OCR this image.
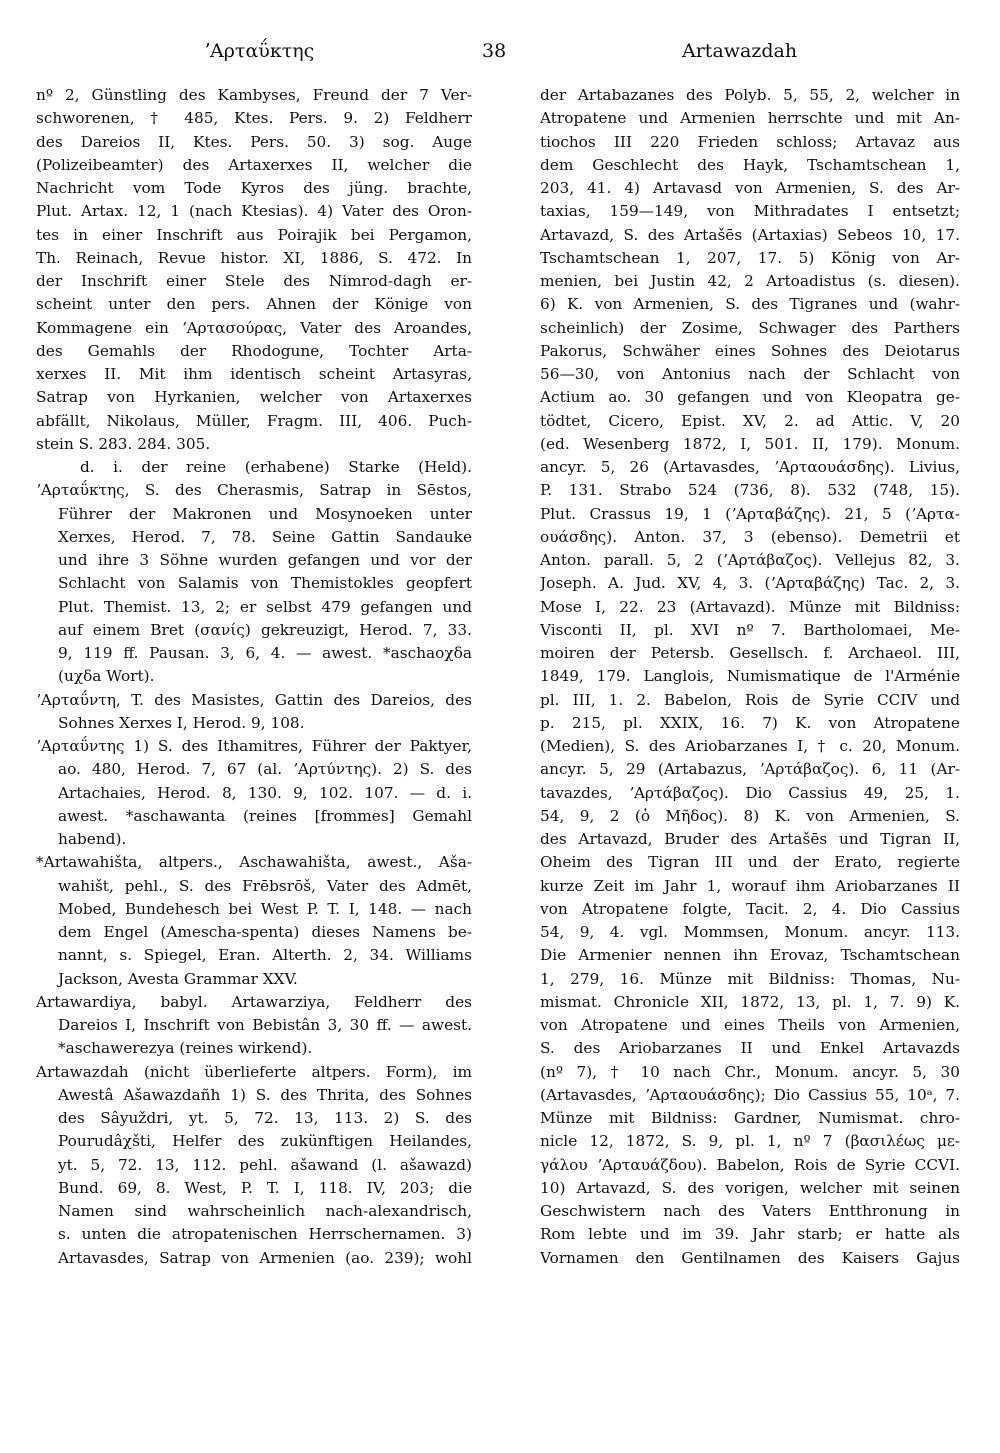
ʼΑρταΰκτης	38	Artawazdah

nº 2, Günstling des Kambyses, Freund der 7 Ver-

schworenen, † 485, Ktes. Pers. 9. 2) Feldherr

des Dareios II, Ktes. Pers. 50. 3) sog. Auge

(Polizeibeamter) des Artaxerxes II, welcher die

Nachricht vom Tode Kyros des jüng. brachte,

Plut. Artax. 12, 1 (nach Ktesias). 4) Vater des Oron-

tes in einer Inschrift aus Poirajik bei Pergamon,

Th. Reinach, Revue histor. XI, 1886, S. 472. In

der Inschrift einer Stele des Nimrod-dagh er-

scheint unter den pers. Ahnen der Könige von

Kommagene ein ʼΑρτασούρας, Vater des Aroandes,

des Gemahls der Rhodogune, Tochter Arta-

xerxes II. Mit ihm identisch scheint Artasyras,

Satrap von Hyrkanien, welcher von Artaxerxes

abfällt, Nikolaus, Müller, Fragm. III, 406. Puch-

stein S. 283. 284. 305.

d. i. der reine (erhabene) Starke (Held).

ʼΑρταΰκτης, S. des Cherasmis, Satrap in Sēstos,

Führer der Makronen und Mosynoeken unter

Xerxes, Herod. 7, 78. Seine Gattin Sandauke

und ihre 3 Söhne wurden gefangen und vor der

Schlacht von Salamis von Themistokles geopfert

Plut. Themist. 13, 2; er selbst 479 gefangen und

auf einem Bret (σανίς) gekreuzigt, Herod. 7, 33.

9, 119 ff. Pausan. 3, 6, 4. — awest. *aschaoχδa

(uχδa Wort).

ʼΑρταΰντη, T. des Masistes, Gattin des Dareios, des

Sohnes Xerxes I, Herod. 9, 108.

ʼΑρταΰντης 1) S. des Ithamitres, Führer der Paktyer,

ao. 480, Herod. 7, 67 (al. ʼΑρτύντης). 2) S. des

Artachaies, Herod. 8, 130. 9, 102. 107. — d. i.

awest. *aschawanta (reines [frommes] Gemahl

habend).

*Artawahišta, altpers., Aschawahišta, awest., Aša-

wahišt, pehl., S. des Frēbsrōš, Vater des Admēt,

Mobed, Bundehesch bei West P. T. I, 148. — nach

dem Engel (Amescha-spenta) dieses Namens be-

nannt, s. Spiegel, Eran. Alterth. 2, 34. Williams

Jackson, Avesta Grammar XXV.

Artawardiya, babyl. Artawarziya, Feldherr des

Dareios I, Inschrift von Bebistân 3, 30 ff. — awest.

*aschawerezya (reines wirkend).

Artawazdah (nicht überlieferte altpers. Form), im

Awestâ Ašawazdañh 1) S. des Thrita, des Sohnes

des Sâyuždri, yt. 5, 72. 13, 113. 2) S. des

Pourudâχšti, Helfer des zukünftigen Heilandes,

yt. 5, 72. 13, 112. pehl. ašawand (l. ašawazd)

Bund. 69, 8. West, P. T. I, 118. IV, 203; die

Namen sind wahrscheinlich nach-alexandrisch,

s. unten die atropatenischen Herrschernamen. 3)

Artavasdes, Satrap von Armenien (ao. 239); wohl

der Artabazanes des Polyb. 5, 55, 2, welcher in

Atropatene und Armenien herrschte und mit An-

tiochos III 220 Frieden schloss; Artavaz aus

dem Geschlecht des Hayk, Tschamtschean 1,

203, 41. 4) Artavasd von Armenien, S. des Ar-

taxias, 159—149, von Mithradates I entsetzt;

Artavazd, S. des Artašēs (Artaxias) Sebeos 10, 17.

Tschamtschean 1, 207, 17. 5) König von Ar-

menien, bei Justin 42, 2 Artoadistus (s. diesen).

6) K. von Armenien, S. des Tigranes und (wahr-

scheinlich) der Zosime, Schwager des Parthers

Pakorus, Schwäher eines Sohnes des Deiotarus

56—30, von Antonius nach der Schlacht von

Actium ao. 30 gefangen und von Kleopatra ge-

tödtet, Cicero, Epist. XV, 2. ad Attic. V, 20

(ed. Wesenberg 1872, I, 501. II, 179). Monum.

ancyr. 5, 26 (Artavasdes, ʼΑρταουάσδης). Livius,

P. 131. Strabo 524 (736, 8). 532 (748, 15).

Plut. Crassus 19, 1 (ʼΑρταβάζης). 21, 5 (ʼΑρτα-

ουάσδης). Anton. 37, 3 (ebenso). Demetrii et

Anton. parall. 5, 2 (ʼΑρτάβαζος). Vellejus 82, 3.

Joseph. A. Jud. XV, 4, 3. (ʼΑρταβάζης) Tac. 2, 3.

Mose I, 22. 23 (Artavazd). Münze mit Bildniss:

Visconti II, pl. XVI nº 7. Bartholomaei, Me-

moiren der Petersb. Gesellsch. f. Archaeol. III,

1849, 179. Langlois, Numismatique de l'Arménie

pl. III, 1. 2. Babelon, Rois de Syrie CCIV und

p. 215, pl. XXIX, 16. 7) K. von Atropatene

(Medien), S. des Ariobarzanes I, † c. 20, Monum.

ancyr. 5, 29 (Artabazus, ʼΑρτάβαζος). 6, 11 (Ar-

tavazdes, ʼΑρτάβαζος). Dio Cassius 49, 25, 1.

54, 9, 2 (ὁ Μῆδος). 8) K. von Armenien, S.

des Artavazd, Bruder des Artašēs und Tigran II,

Oheim des Tigran III und der Erato, regierte

kurze Zeit im Jahr 1, worauf ihm Ariobarzanes II

von Atropatene folgte, Tacit. 2, 4. Dio Cassius

54, 9, 4. vgl. Mommsen, Monum. ancyr. 113.

Die Armenier nennen ihn Erovaz, Tschamtschean

1, 279, 16. Münze mit Bildniss: Thomas, Nu-

mismat. Chronicle XII, 1872, 13, pl. 1, 7. 9) K.

von Atropatene und eines Theils von Armenien,

S. des Ariobarzanes II und Enkel Artavazds

(nº 7), † 10 nach Chr., Monum. ancyr. 5, 30

(Artavasdes, ʼΑρταουάσδης); Dio Cassius 55, 10ᵃ, 7.

Münze mit Bildniss: Gardner, Numismat. chro-

nicle 12, 1872, S. 9, pl. 1, nº 7 (βασιλέως με-

γάλου ʼΑρταυάζδου). Babelon, Rois de Syrie CCVI.

10) Artavazd, S. des vorigen, welcher mit seinen

Geschwistern nach des Vaters Entthronung in

Rom lebte und im 39. Jahr starb; er hatte als

Vornamen den Gentilnamen des Kaisers Gajus
